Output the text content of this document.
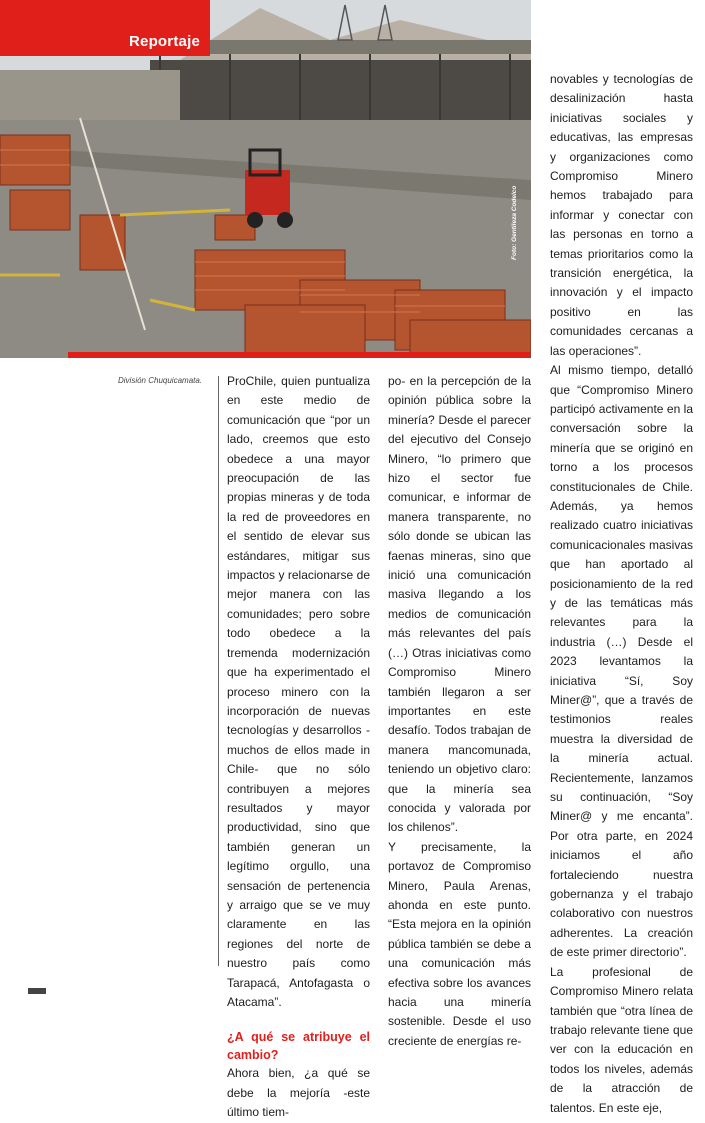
Reportaje
Foto: Gentileza Codelco
División Chuquicamata. ProChile, quien puntualiza en este medio de comunicación que “por un lado, creemos que esto obedece a una mayor preocupación de las propias mineras y de toda la red de proveedores en el sentido de elevar sus estándares, mitigar sus impactos y relacionarse de mejor manera con las comunidades; pero sobre todo obedece a la tremenda modernización que ha experimentado el proceso minero con la incorporación de nuevas tecnologías y desarrollos -muchos de ellos made in Chile- que no sólo contribuyen a mejores resultados y mayor productividad, sino que también generan un legítimo orgullo, una sensación de pertenencia y arraigo que se ve muy claramente en las regiones del norte de nuestro país como Tarapacá, Antofagasta o Atacama”.

¿A qué se atribuye el cambio?

Ahora bien, ¿a qué se debe la mejoría -este último tiem-

po- en la percepción de la opinión pública sobre la minería? Desde el parecer del ejecutivo del Consejo Minero, “lo primero que hizo el sector fue comunicar, e informar de manera transparente, no sólo donde se ubican las faenas mineras, sino que inició una comunicación masiva llegando a los medios de comunicación más relevantes del país (…) Otras iniciativas como Compromiso Minero también llegaron a ser importantes en este desafío. Todos trabajan de manera mancomunada, teniendo un objetivo claro: que la minería sea conocida y valorada por los chilenos”.

Y precisamente, la portavoz de Compromiso Minero, Paula Arenas, ahonda en este punto. “Esta mejora en la opinión pública también se debe a una comunicación más efectiva sobre los avances hacia una minería sostenible. Desde el uso creciente de energías re-

novables y tecnologías de desalinización hasta iniciativas sociales y educativas, las empresas y organizaciones como Compromiso Minero hemos trabajado para informar y conectar con las personas en torno a temas prioritarios como la transición energética, la innovación y el impacto positivo en las comunidades cercanas a las operaciones”.

Al mismo tiempo, detalló que “Compromiso Minero participó activamente en la conversación sobre la minería que se originó en torno a los procesos constitucionales de Chile. Además, ya hemos realizado cuatro iniciativas comunicacionales masivas que han aportado al posicionamiento de la red y de las temáticas más relevantes para la industria (…) Desde el 2023 levantamos la iniciativa “Sí, Soy Miner@”, que a través de testimonios reales muestra la diversidad de la minería actual. Recientemente, lanzamos su continuación, “Soy Miner@ y me encanta”. Por otra parte, en 2024 iniciamos el año fortaleciendo nuestra gobernanza y el trabajo colaborativo con nuestros adherentes. La creación de este primer directorio”.

La profesional de Compromiso Minero relata también que “otra línea de trabajo relevante tiene que ver con la educación en todos los niveles, además de la atracción de talentos. En este eje,
